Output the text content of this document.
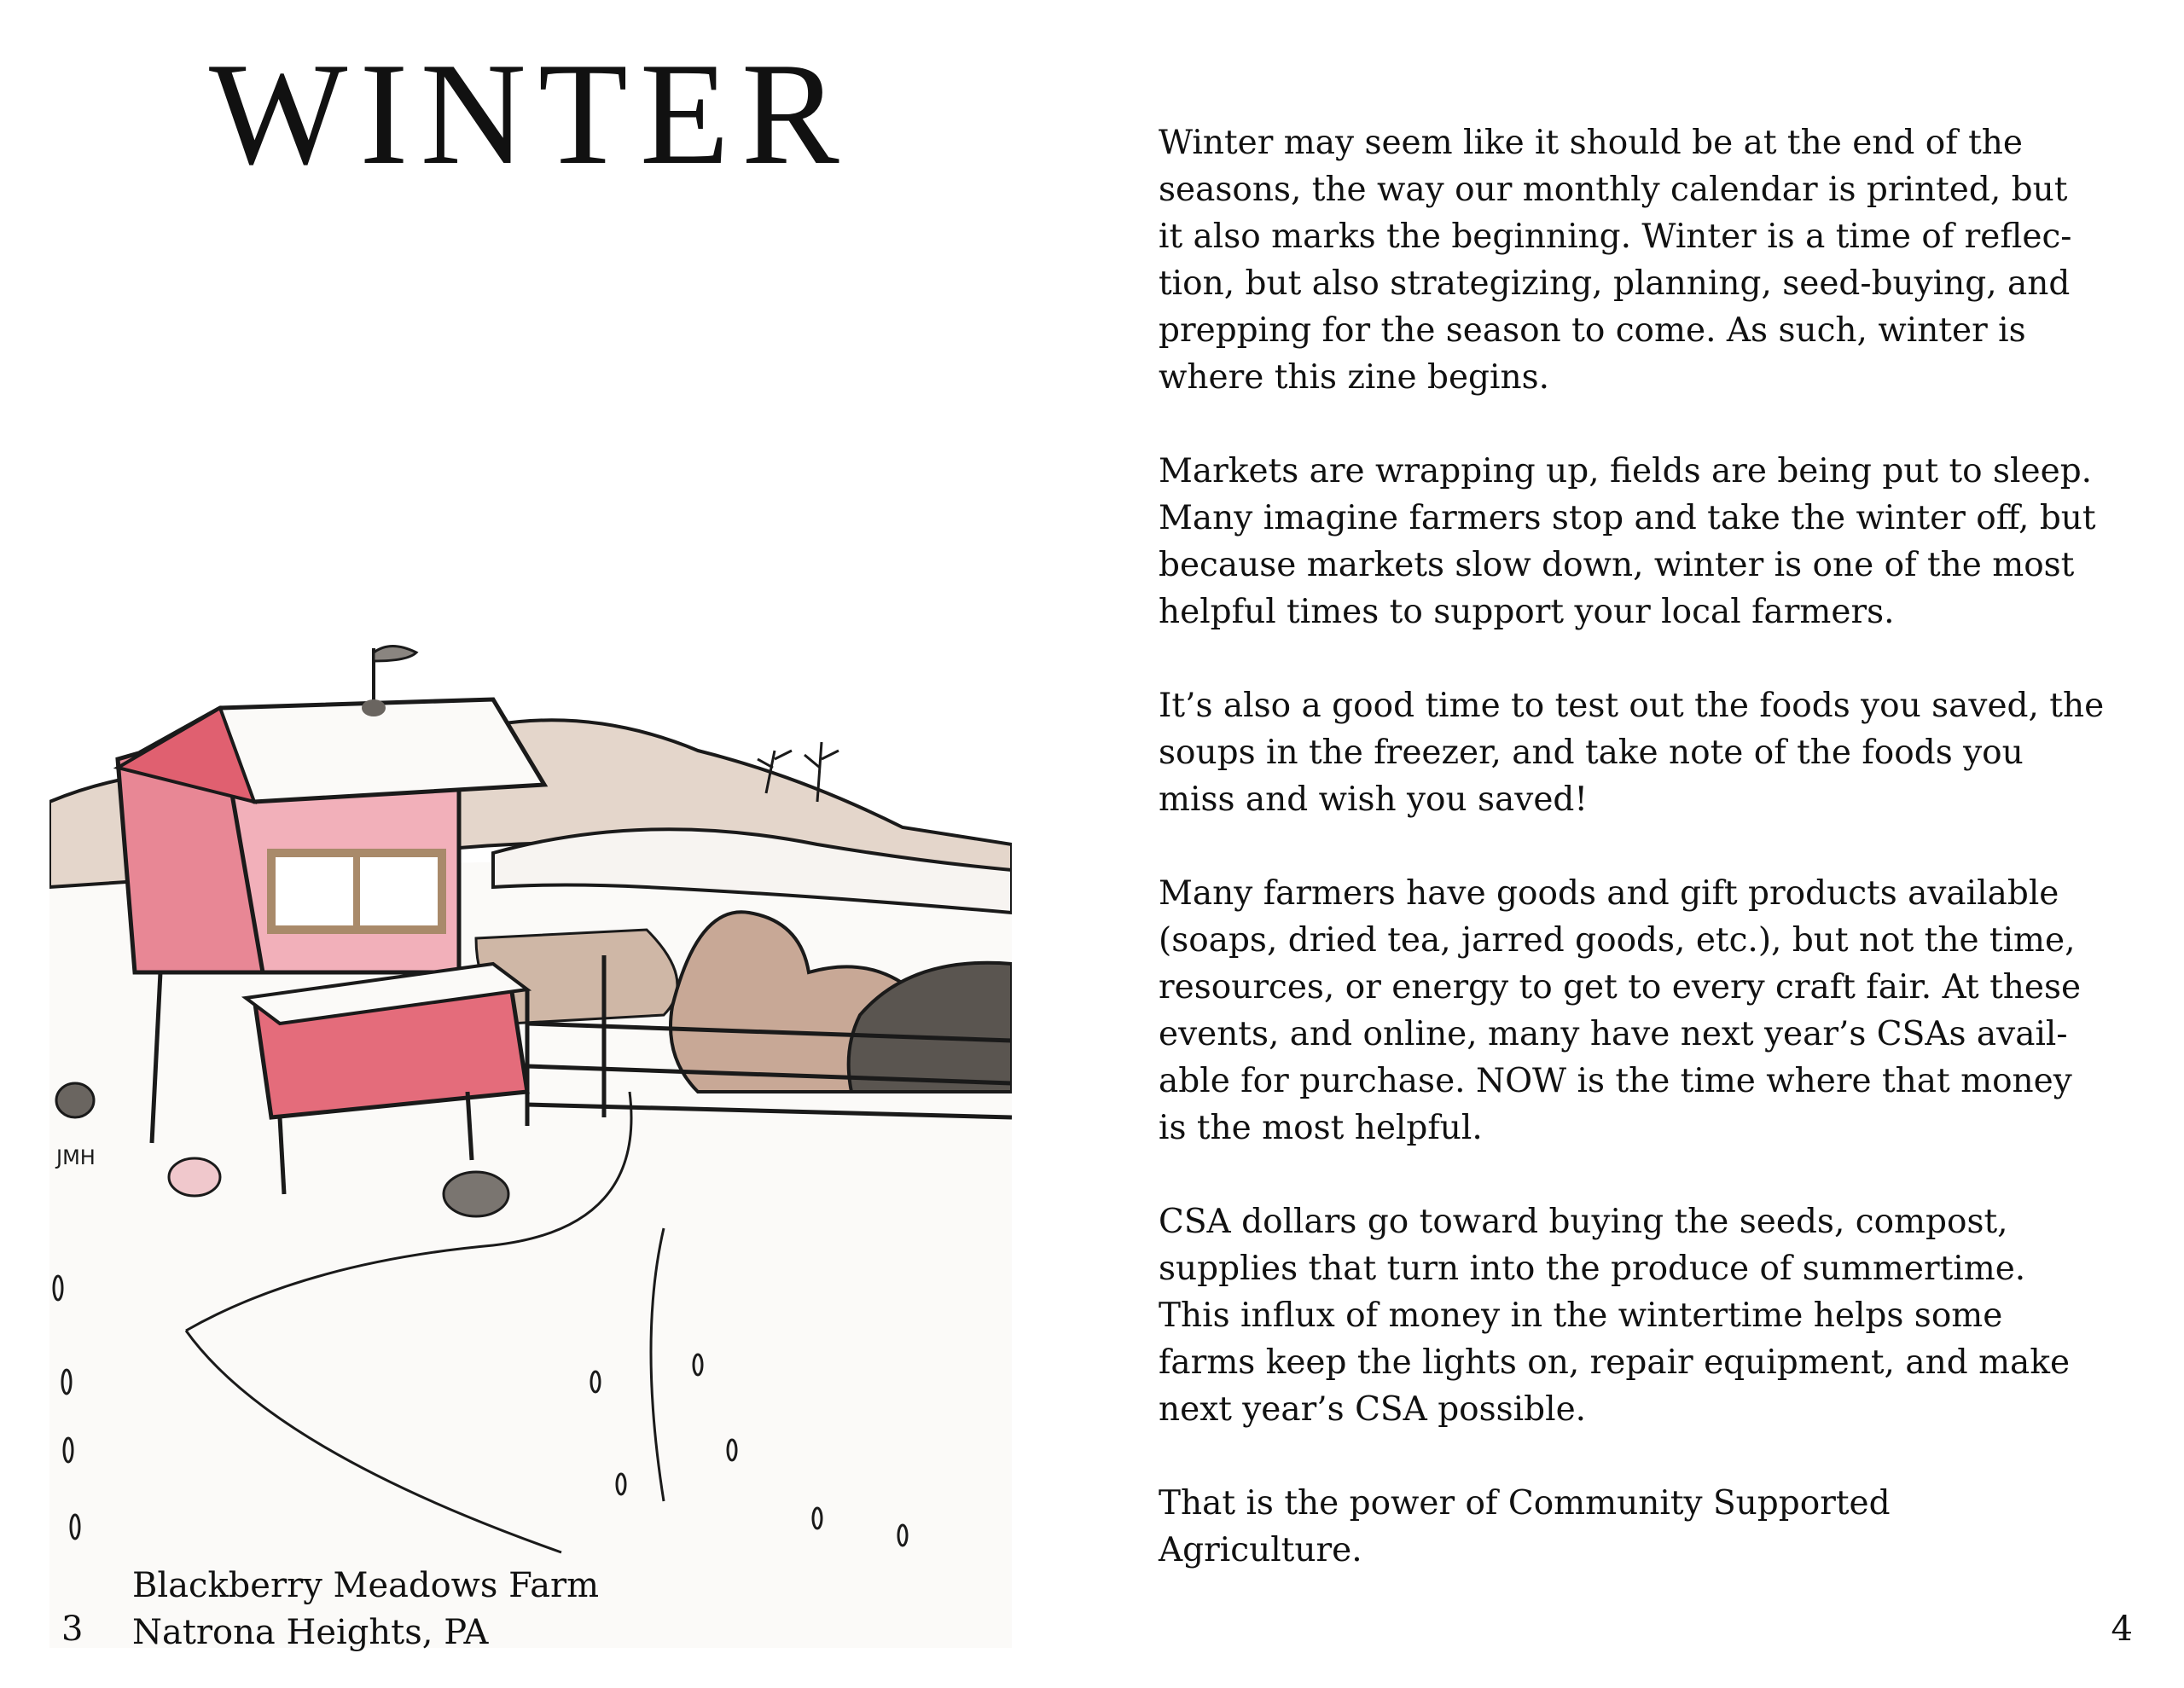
WINTER
JMH
Blackberry Meadows Farm
Natrona Heights, PA
3

Winter may seem like it should be at the end of the
seasons, the way our monthly calendar is printed, but
it also marks the beginning. Winter is a time of reflec-
tion, but also strategizing, planning, seed-buying, and
prepping for the season to come. As such, winter is
where this zine begins.

Markets are wrapping up, fields are being put to sleep.
Many imagine farmers stop and take the winter off, but
because markets slow down, winter is one of the most
helpful times to support your local farmers.

It’s also a good time to test out the foods you saved, the
soups in the freezer, and take note of the foods you
miss and wish you saved!

Many farmers have goods and gift products available
(soaps, dried tea, jarred goods, etc.), but not the time,
resources, or energy to get to every craft fair. At these
events, and online, many have next year’s CSAs avail-
able for purchase. NOW is the time where that money
is the most helpful.

CSA dollars go toward buying the seeds, compost,
supplies that turn into the produce of summertime.
This influx of money in the wintertime helps some
farms keep the lights on, repair equipment, and make
next year’s CSA possible.

That is the power of Community Supported
Agriculture.

4
